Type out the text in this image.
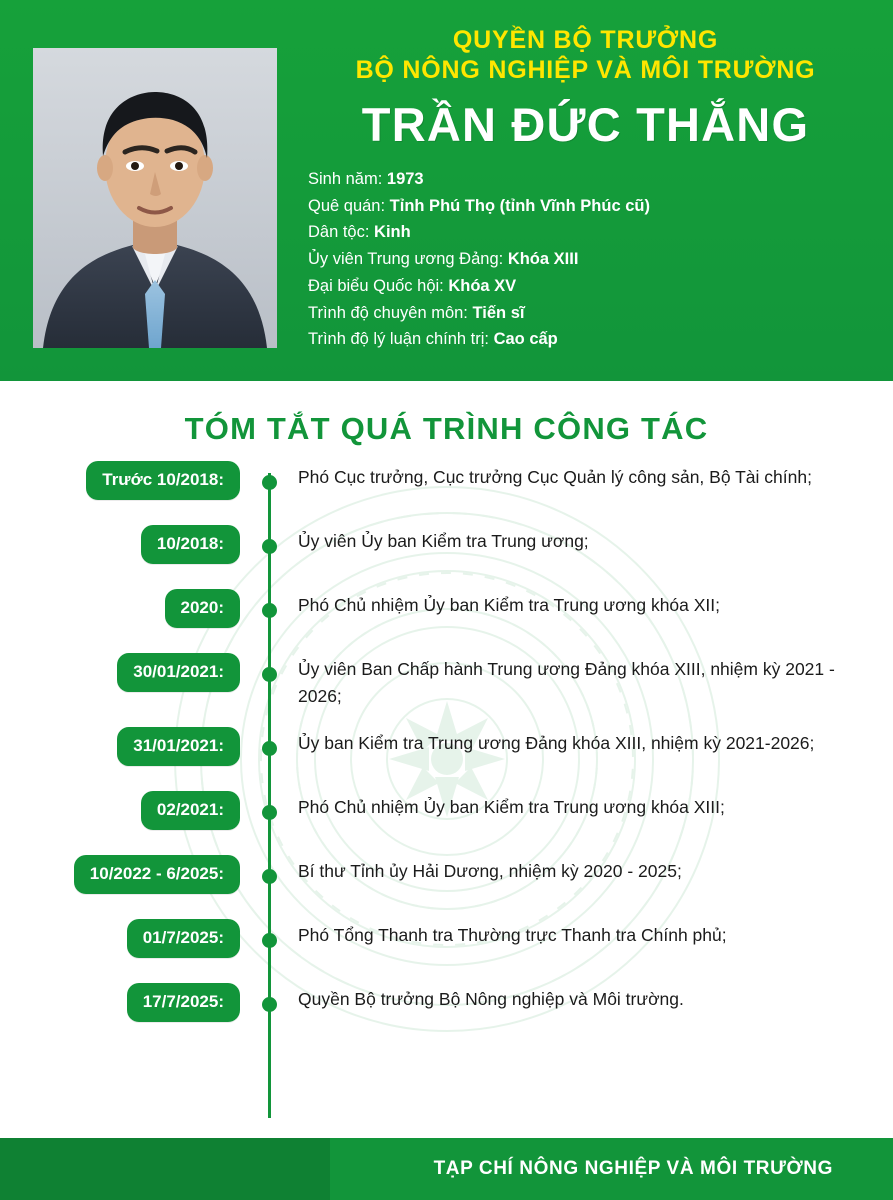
QUYỀN BỘ TRƯỞNG
BỘ NÔNG NGHIỆP VÀ MÔI TRƯỜNG
TRẦN ĐỨC THẮNG
Sinh năm: 1973
Quê quán: Tỉnh Phú Thọ (tỉnh Vĩnh Phúc cũ)
Dân tộc: Kinh
Ủy viên Trung ương Đảng: Khóa XIII
Đại biểu Quốc hội: Khóa XV
Trình độ chuyên môn: Tiến sĩ
Trình độ lý luận chính trị: Cao cấp
TÓM TẮT QUÁ TRÌNH CÔNG TÁC
Trước 10/2018:	Phó Cục trưởng, Cục trưởng Cục Quản lý công sản, Bộ Tài chính;
10/2018:	Ủy viên Ủy ban Kiểm tra Trung ương;
2020:	Phó Chủ nhiệm Ủy ban Kiểm tra Trung ương khóa XII;
30/01/2021:	Ủy viên Ban Chấp hành Trung ương Đảng khóa XIII, nhiệm kỳ 2021 - 2026;
31/01/2021:	Ủy ban Kiểm tra Trung ương Đảng khóa XIII, nhiệm kỳ 2021-2026;
02/2021:	Phó Chủ nhiệm Ủy ban Kiểm tra Trung ương khóa XIII;
10/2022 - 6/2025:	Bí thư Tỉnh ủy Hải Dương, nhiệm kỳ 2020 - 2025;
01/7/2025:	Phó Tổng Thanh tra Thường trực Thanh tra Chính phủ;
17/7/2025:	Quyền Bộ trưởng Bộ Nông nghiệp và Môi trường.
TẠP CHÍ NÔNG NGHIỆP VÀ MÔI TRƯỜNG
